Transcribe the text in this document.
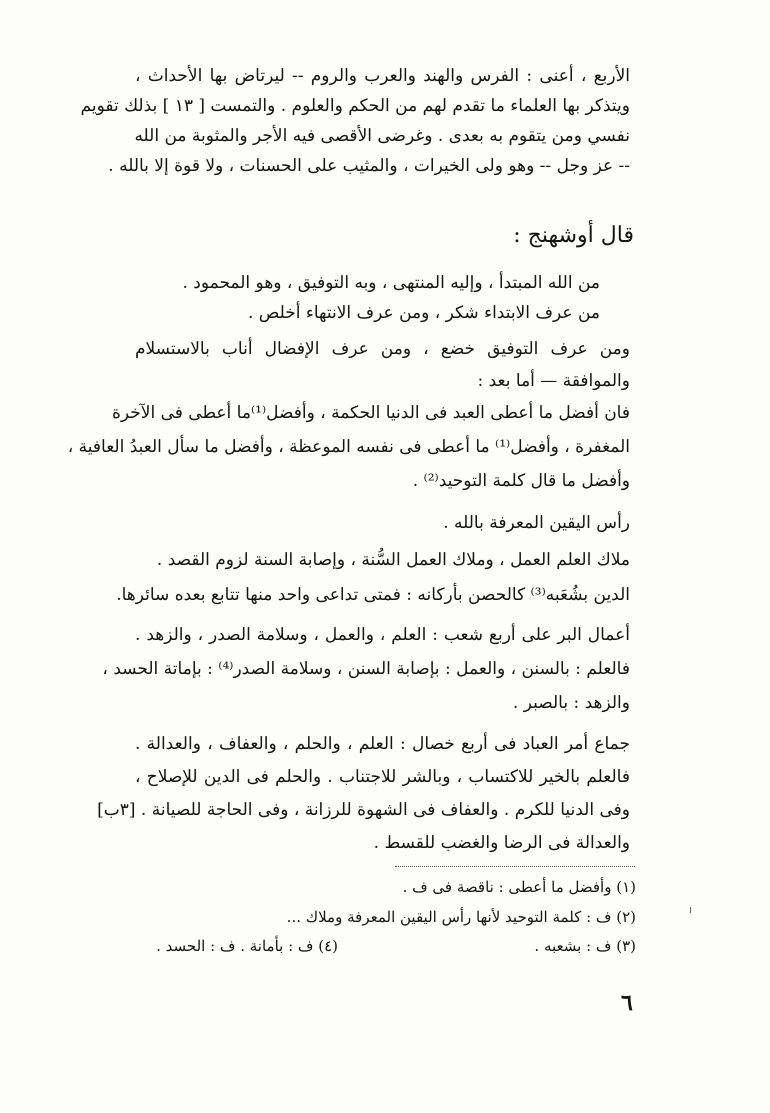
الأربع ، أعنى : الفرس والهند والعرب والروم -- ليرتاض بها الأحداث ،
ويتذكر بها العلماء ما تقدم لهم من الحكم والعلوم . والتمست [ ١٣ ] بذلك تقويم
نفسي ومن يتقوم به بعدى . وغرضى الأقصى فيه الأجر والمثوبة من الله
-- عز وجل -- وهو ولى الخيرات ، والمثيب على الحسنات ، ولا قوة إلا بالله .
قال أوشهنج :
من الله المبتدأ ، وإليه المنتهى ، وبه التوفيق ، وهو المحمود .
من عرف الابتداء شكر ، ومن عرف الانتهاء أخلص .
ومن عرف التوفيق خضع ، ومن عرف الإفضال أناب بالاستسلام
والموافقة — أما بعد :
فان أفضل ما أعطى العبد فى الدنيا الحكمة ، وأفضل⁽¹⁾ما أعطى فى الآخرة
المغفرة ، وأفضل⁽¹⁾ ما أعطى فى نفسه الموعظة ، وأفضل ما سأل العبدُ العافية ،
وأفضل ما قال كلمة التوحيد⁽²⁾ .
رأس اليقين المعرفة بالله .
ملاك العلم العمل ، وملاك العمل السُّنة ، وإصابة السنة لزوم القصد .
الدين بشُعَبه⁽³⁾ كالحصن بأركانه : فمتى تداعى واحد منها تتابع بعده سائرها.
أعمال البر على أربع شعب : العلم ، والعمل ، وسلامة الصدر ، والزهد .
فالعلم : بالسنن ، والعمل : بإصابة السنن ، وسلامة الصدر⁽⁴⁾ : بإماتة الحسد ،
والزهد : بالصبر .
جماع أمر العباد فى أربع خصال : العلم ، والحلم ، والعفاف ، والعدالة .
فالعلم بالخير للاكتساب ، وبالشر للاجتناب . والحلم فى الدين للإصلاح ،
وفى الدنيا للكرم . والعفاف فى الشهوة للرزانة ، وفى الحاجة للصيانة . [٣ب]
والعدالة فى الرضا والغضب للقسط .
(١) وأفضل ما أعطى : ناقصة فى ف .
(٢) ف : كلمة التوحيد لأنها رأس اليقين المعرفة وملاك ...
(٣) ف : بشعبه .
(٤) ف : بأمانة . ف : الحسد .
٦
